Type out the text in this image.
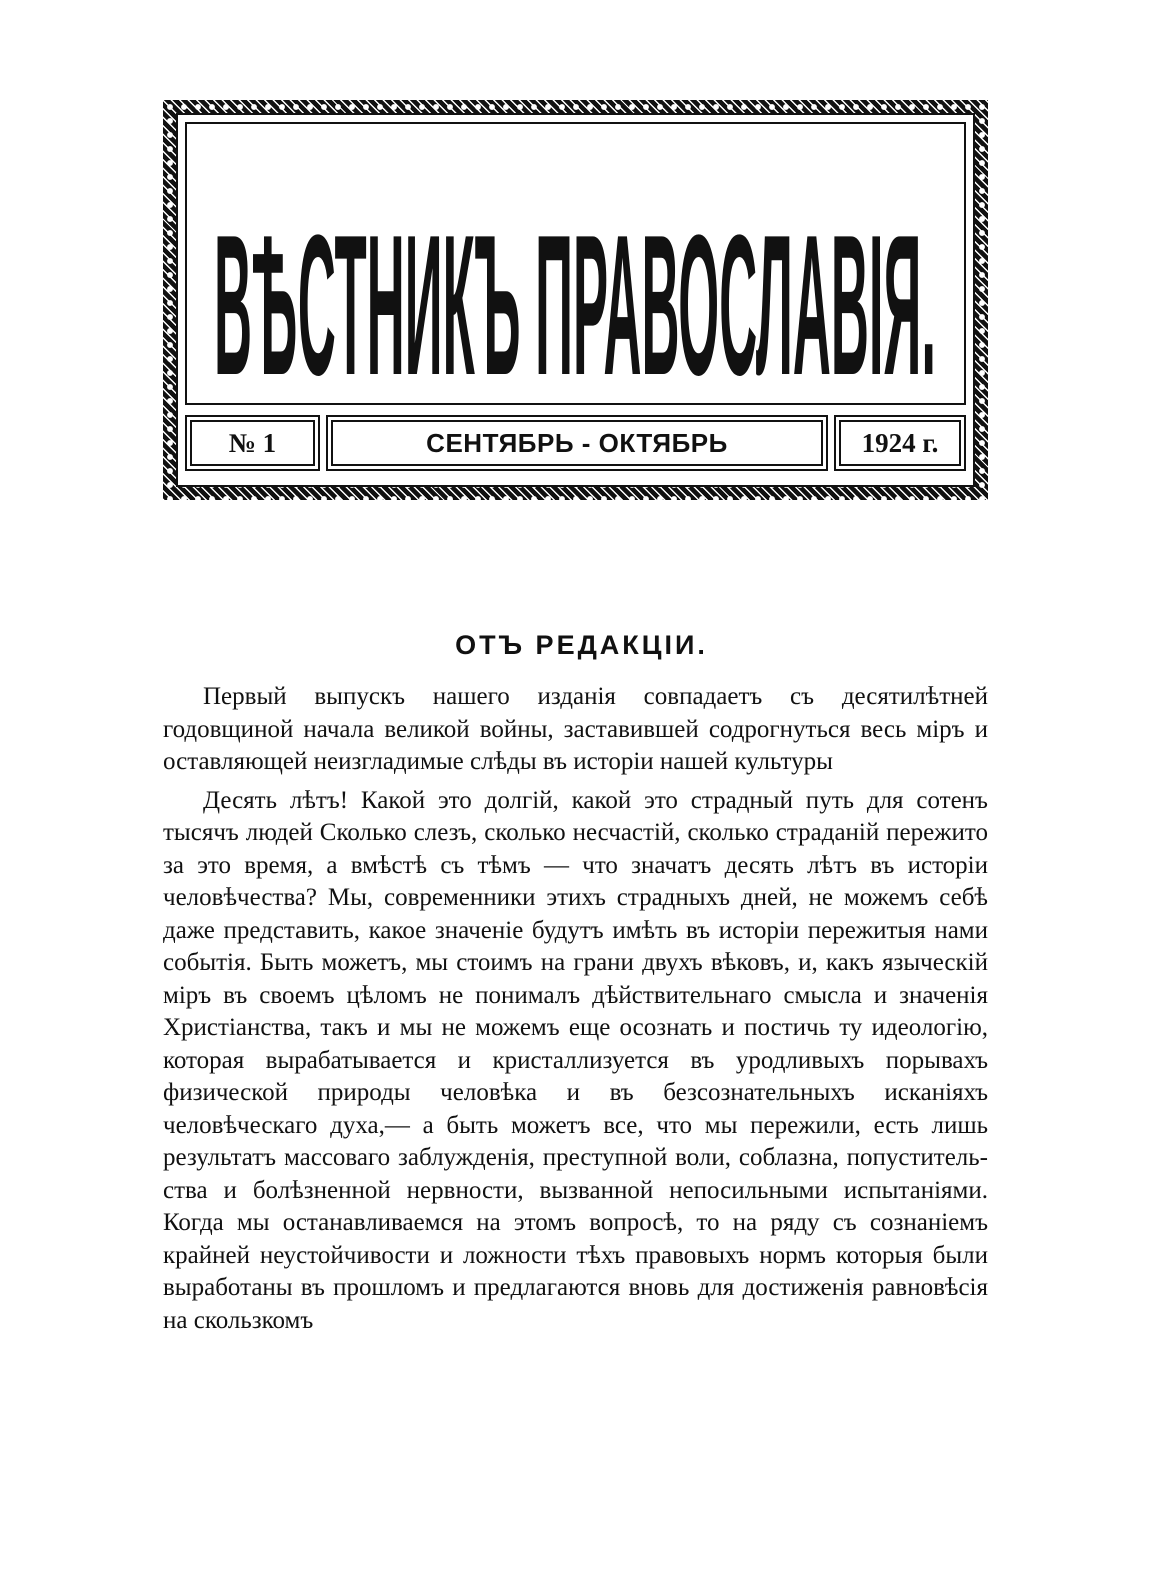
ВѢСТНИКЪ ПРАВОСЛАВІЯ.
№ 1	СЕНТЯБРЬ - ОКТЯБРЬ	1924 г.
ОТЪ РЕДАКЦІИ.

Первый выпускъ нашего изданія совпадаетъ съ десятилѣтней годовщиной начала великой войны, заставившей содрогнуться весь міръ и оставляющей неизгладимые слѣды въ исторіи нашей культуры

Десять лѣтъ! Какой это долгій, какой это страдный путь для сотенъ тысячъ людей Сколько слезъ, сколько несчастій, сколько страданій пережито за это время, а вмѣстѣ съ тѣмъ — что значатъ десять лѣтъ въ исторіи человѣчества? Мы, современники этихъ страдныхъ дней, не можемъ себѣ даже представить, какое значеніе будутъ имѣть въ исторіи пережитыя нами событія. Быть можетъ, мы стоимъ на грани двухъ вѣковъ, и, какъ языческій міръ въ своемъ цѣломъ не понималъ дѣйствительнаго смысла и значенія Христіанства, такъ и мы не можемъ еще осознать и постичь ту идеологію, которая вырабатывается и кристаллизуется въ уродливыхъ порывахъ физической природы человѣка и въ безсознательныхъ исканіяхъ человѣческаго духа,— а быть можетъ все, что мы пережили, есть лишь результатъ массоваго заблужденія, преступной воли, соблазна, попустительства и болѣзненной нервности, вызванной непосильными испытаніями. Когда мы останавливаемся на этомъ вопросѣ, то на ряду съ сознаніемъ крайней неустойчивости и ложности тѣхъ правовыхъ нормъ которыя были выработаны въ прошломъ и предлагаются вновь для достиженія равновѣсія на скользкомъ
